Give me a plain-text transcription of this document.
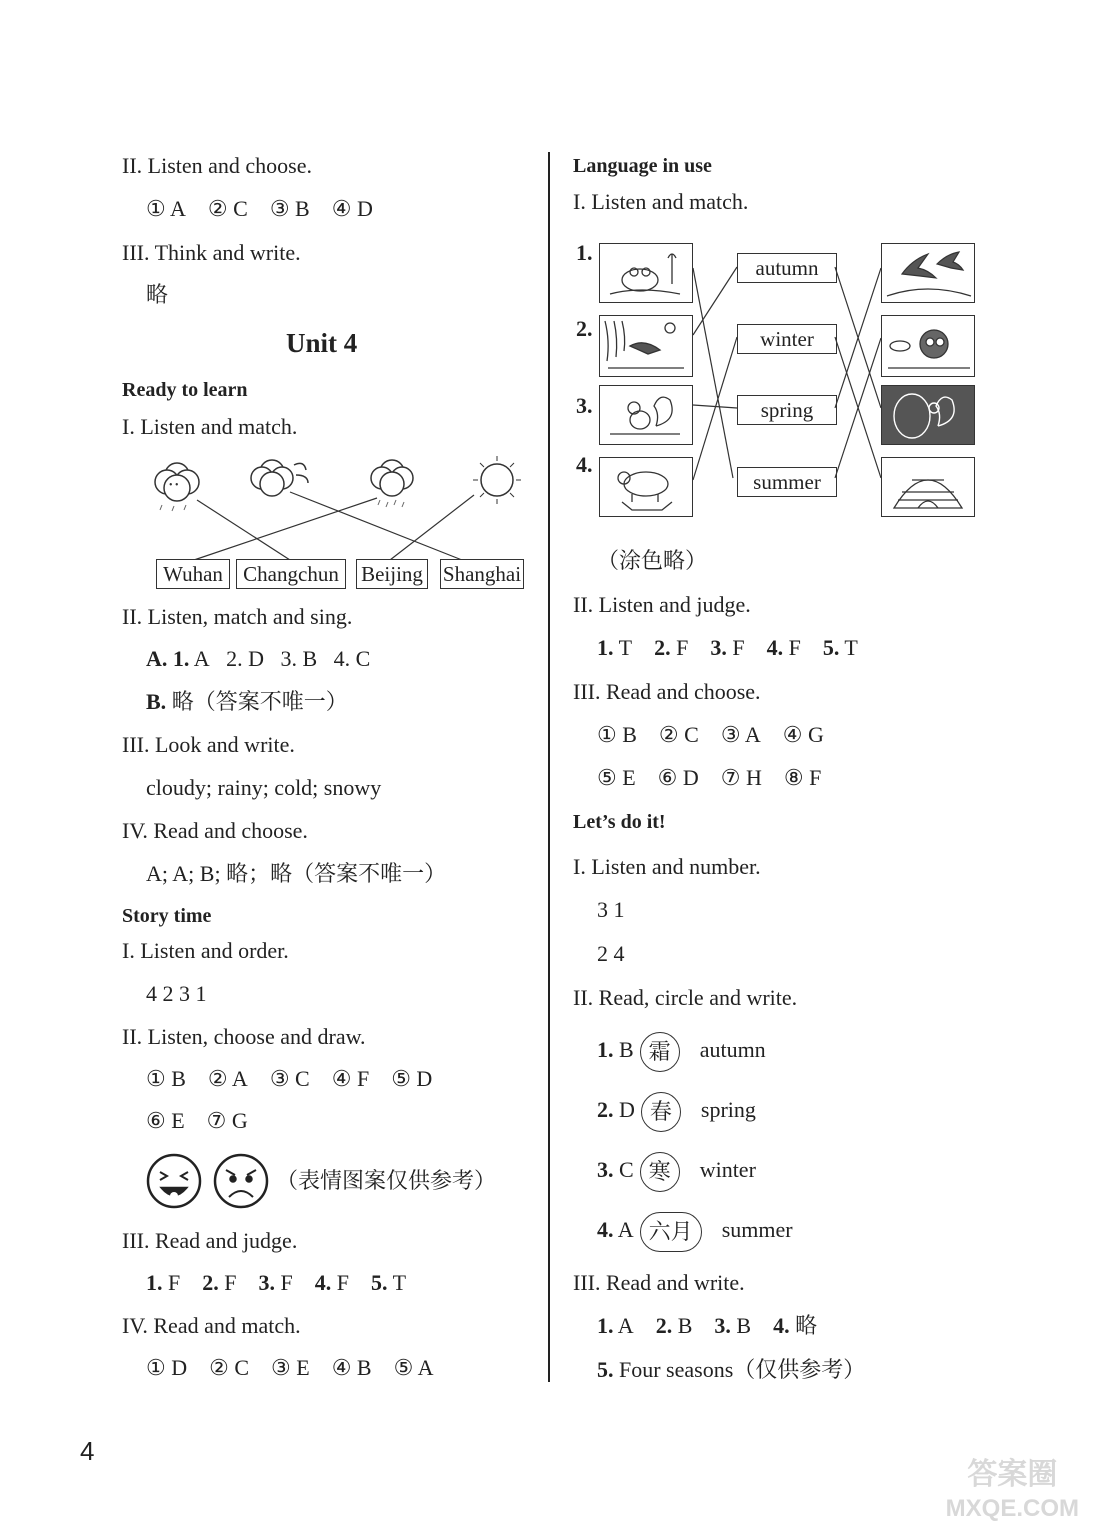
II. Listen and choose.
① A ② C ③ B ④ D
III. Think and write.
略
Unit 4
Ready to learn
I. Listen and match.
• •
Wuhan Changchun	Beijing Shanghai
II. Listen, match and sing.
A. 1. A 2. D 3. B 4. C
B. 略（答案不唯一）
III. Look and write.
cloudy; rainy; cold; snowy
IV. Read and choose.
A; A; B; 略；略（答案不唯一）
Story time
I. Listen and order.
4 2 3 1
II. Listen, choose and draw.
① B ② A ③ C ④ F ⑤ D
⑥ E ⑦ G
（表情图案仅供参考）
III. Read and judge.
1. F 2. F 3. F 4. F 5. T
IV. Read and match.
① D ② C ③ E ④ B ⑤ A
Language in use
I. Listen and match.
1.
2.
3.
4.
autumn
winter
spring
summer
（涂色略）
II. Listen and judge.
1. T 2. F 3. F 4. F 5. T
III. Read and choose.
① B ② C ③ A ④ G
⑤ E ⑥ D ⑦ H ⑧ F
Let’s do it!
I. Listen and number.
3 1
2 4
II. Read, circle and write.
1. B 霜 autumn
2. D 春 spring
3. C 寒 winter
4. A 六月 summer
III. Read and write.
1. A 2. B 3. B 4. 略
5. Four seasons（仅供参考）
4
答案圈
MXQE.COM
